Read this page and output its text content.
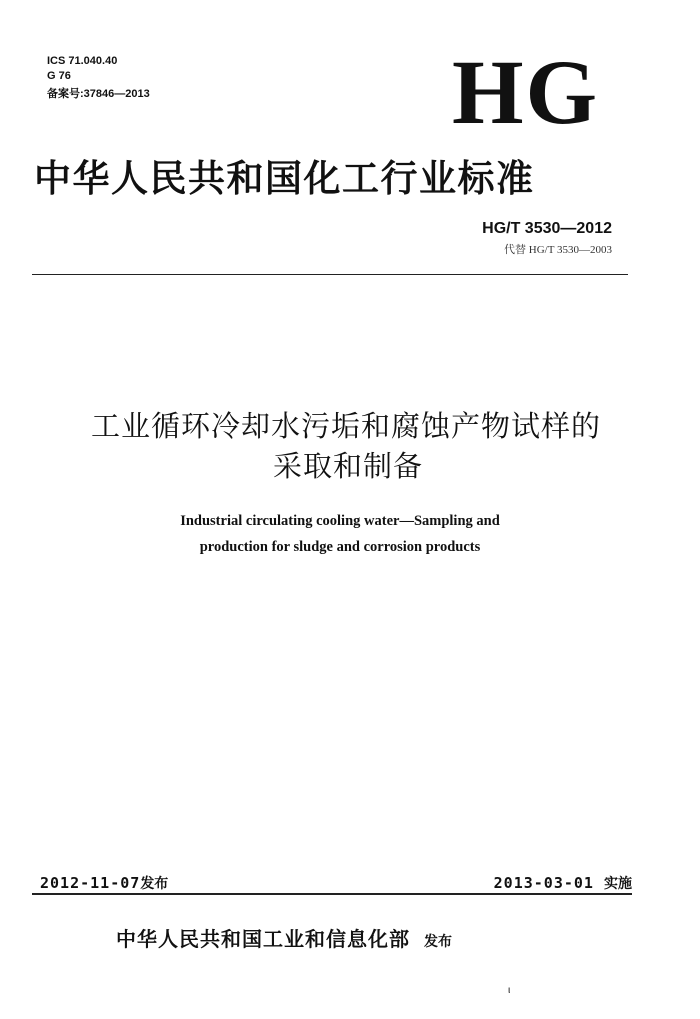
ICS 71.040.40
G 76
备案号:37846—2013	HG
中华人民共和国化工行业标准
HG/T 3530—2012
代替 HG/T 3530—2003
工业循环冷却水污垢和腐蚀产物试样的
采取和制备
Industrial circulating cooling water—Sampling and
production for sludge and corrosion products
2012-11-07发布	2013-03-01 实施
中华人民共和国工业和信息化部 发布
ι
